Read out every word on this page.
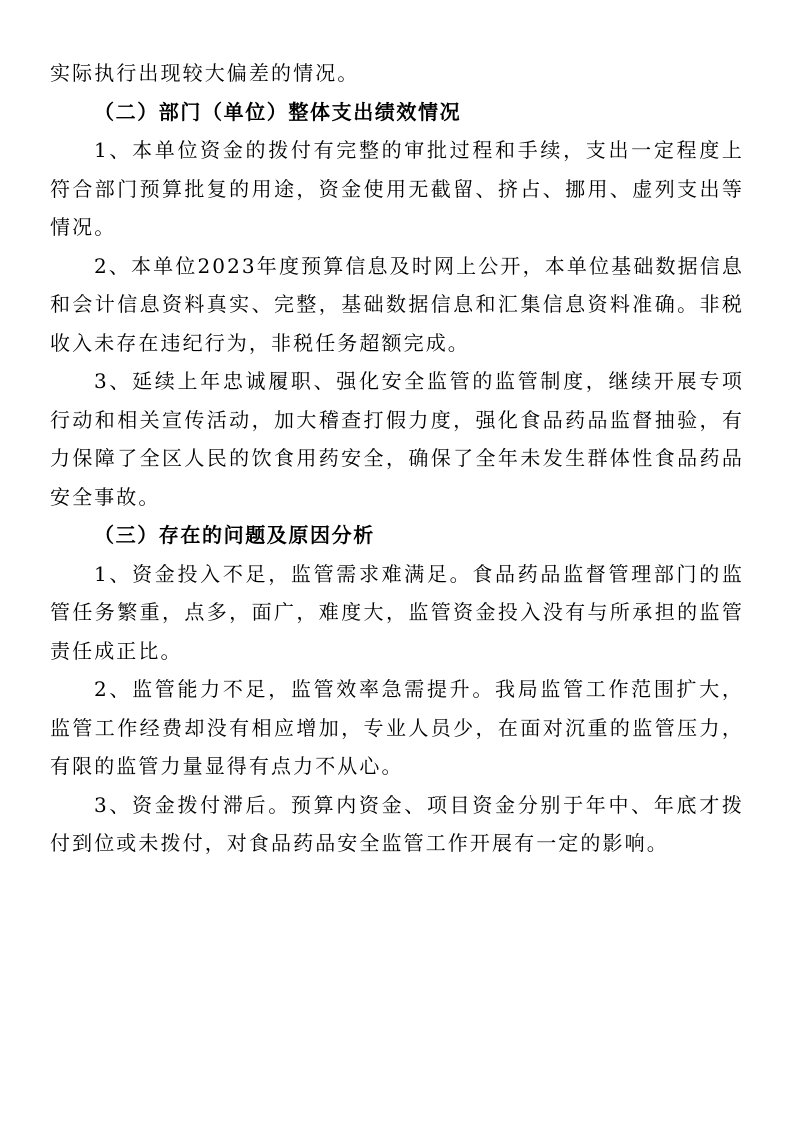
实际执行出现较大偏差的情况。

（二）部门（单位）整体支出绩效情况

1、本单位资金的拨付有完整的审批过程和手续，支出一定程度上符合部门预算批复的用途，资金使用无截留、挤占、挪用、虚列支出等情况。

2、本单位2023年度预算信息及时网上公开，本单位基础数据信息和会计信息资料真实、完整，基础数据信息和汇集信息资料准确。非税收入未存在违纪行为，非税任务超额完成。

3、延续上年忠诚履职、强化安全监管的监管制度，继续开展专项行动和相关宣传活动，加大稽查打假力度，强化食品药品监督抽验，有力保障了全区人民的饮食用药安全，确保了全年未发生群体性食品药品安全事故。

（三）存在的问题及原因分析

1、资金投入不足，监管需求难满足。食品药品监督管理部门的监管任务繁重，点多，面广，难度大，监管资金投入没有与所承担的监管责任成正比。

2、监管能力不足，监管效率急需提升。我局监管工作范围扩大，监管工作经费却没有相应增加，专业人员少，在面对沉重的监管压力，有限的监管力量显得有点力不从心。

3、资金拨付滞后。预算内资金、项目资金分别于年中、年底才拨付到位或未拨付，对食品药品安全监管工作开展有一定的影响。
